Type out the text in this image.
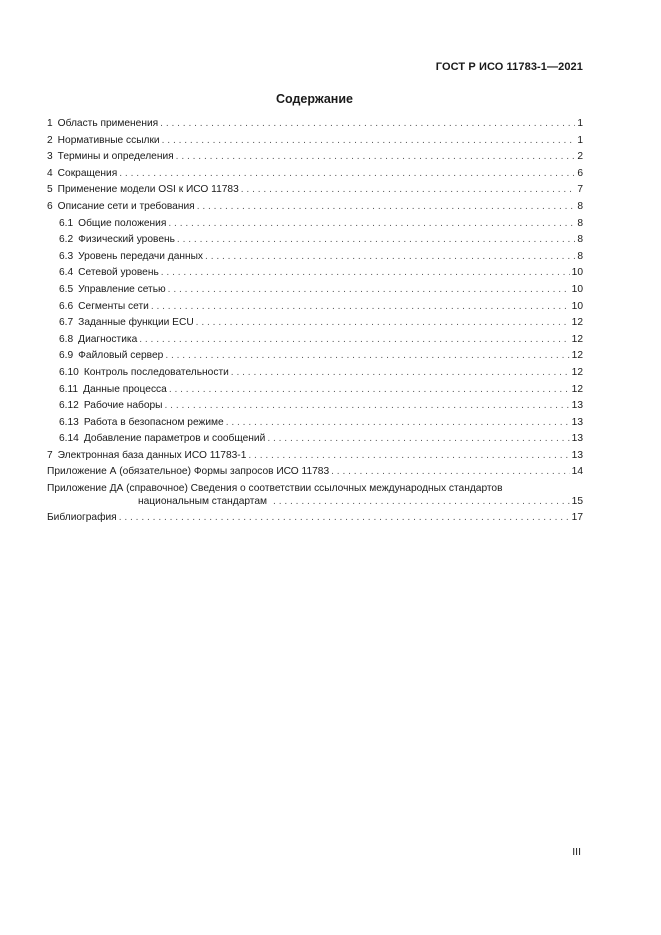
ГОСТ Р ИСО 11783-1—2021
Содержание
1 Область применения . . .	1
2 Нормативные ссылки . . .	1
3 Термины и определения . . .	2
4 Сокращения . . .	6
5 Применение модели OSI к ИСО 11783 . . .	7
6 Описание сети и требования . . .	8
6.1 Общие положения . . .	8
6.2 Физический уровень . . .	8
6.3 Уровень передачи данных . . .	8
6.4 Сетевой уровень . . .	10
6.5 Управление сетью . . .	10
6.6 Сегменты сети . . .	10
6.7 Заданные функции ECU . . .	12
6.8 Диагностика . . .	12
6.9 Файловый сервер . . .	12
6.10 Контроль последовательности . . .	12
6.11 Данные процесса . . .	12
6.12 Рабочие наборы . . .	13
6.13 Работа в безопасном режиме . . .	13
6.14 Добавление параметров и сообщений . . .	13
7 Электронная база данных ИСО 11783-1 . . .	13
Приложение А (обязательное) Формы запросов ИСО 11783 . . .	14
Приложение ДА (справочное) Сведения о соответствии ссылочных международных стандартов
национальным стандартам . . .	15
Библиография . . .	17
III
